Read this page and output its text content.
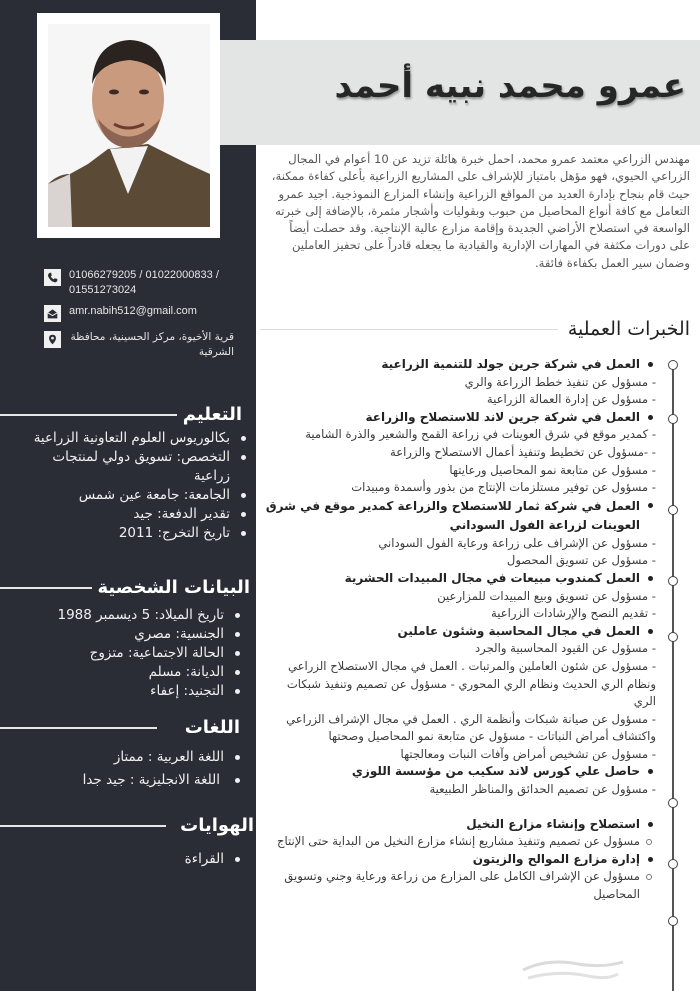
01066279205 / 01022000833 / 01551273024
amr.nabih512@gmail.com
قرية الأخيوة، مركز الحسينية، محافظة الشرقية
التعليم
بكالوريوس العلوم التعاونية الزراعية
التخصص: تسويق دولي لمنتجات زراعية
الجامعة: جامعة عين شمس
تقدير الدفعة: جيد
تاريخ التخرج: 2011
البيانات الشخصية
تاريخ الميلاد: 5 ديسمبر 1988
الجنسية: مصري
الحالة الاجتماعية: متزوج
الديانة: مسلم
التجنيد: إعفاء
اللغات
اللغة العربية : ممتاز
اللغة الانجليزية : جيد جدا
الهوايات
القراءة
عمرو محمد نبيه أحمد
مهندس الزراعي معتمد عمرو محمد، احمل خبرة هائلة تزيد عن 10 أعوام في المجال الزراعي الحيوي، فهو مؤهل بامتياز للإشراف على المشاريع الزراعية بأعلى كفاءة ممكنة، حيث قام بنجاح بإدارة العديد من المواقع الزراعية وإنشاء المزارع النموذجية. اجيد عمرو التعامل مع كافة أنواع المحاصيل من حبوب وبقوليات وأشجار مثمرة، بالإضافة إلى خبرته الواسعة في استصلاح الأراضي الجديدة وإقامة مزارع عالية الإنتاجية. وقد حصلت أيضاً على دورات مكثفة في المهارات الإدارية والقيادية ما يجعله قادراً على تحفيز العاملين وضمان سير العمل بكفاءة فائقة.
الخبرات العملية
العمل في شركة جرين جولد للتنمية الزراعية
- مسؤول عن تنفيذ خطط الزراعة والري
- مسؤول عن إدارة العمالة الزراعية
العمل في شركة جرين لاند للاستصلاح والزراعة
- كمدير موقع في شرق العوينات في زراعة القمح والشعير والذرة الشامية
- -مسؤول عن تخطيط وتنفيذ أعمال الاستصلاح والزراعة
- مسؤول عن متابعة نمو المحاصيل ورعايتها
- مسؤول عن توفير مستلزمات الإنتاج من بذور وأسمدة ومبيدات
العمل في شركة ثمار للاستصلاح والزراعة كمدير موقع في شرق العوينات لزراعة الفول السوداني
- مسؤول عن الإشراف على زراعة ورعاية الفول السوداني
- مسؤول عن تسويق المحصول
العمل كمندوب مبيعات في مجال المبيدات الحشرية
- مسؤول عن تسويق وبيع المبيدات للمزارعين
- تقديم النصح والإرشادات الزراعية
العمل في مجال المحاسبة وشئون عاملين
- مسؤول عن القيود المحاسبية والجرد
- مسؤول عن شئون العاملين والمرتبات . العمل في مجال الاستصلاح الزراعي ونظام الري الحديث ونظام الري المحوري - مسؤول عن تصميم وتنفيذ شبكات الري
- مسؤول عن صيانة شبكات وأنظمة الري . العمل في مجال الإشراف الزراعي واكتشاف أمراض النباتات - مسؤول عن متابعة نمو المحاصيل وصحتها
- مسؤول عن تشخيص أمراض وآفات النبات ومعالجتها
حاصل علي كورس لاند سكيب من مؤسسة اللوزي
- مسؤول عن تصميم الحدائق والمناظر الطبيعية
استصلاح وإنشاء مزارع النخيل
مسؤول عن تصميم وتنفيذ مشاريع إنشاء مزارع النخيل من البداية حتى الإنتاج
إدارة مزارع الموالح والزيتون
مسؤول عن الإشراف الكامل على المزارع من زراعة ورعاية وجني وتسويق المحاصيل
